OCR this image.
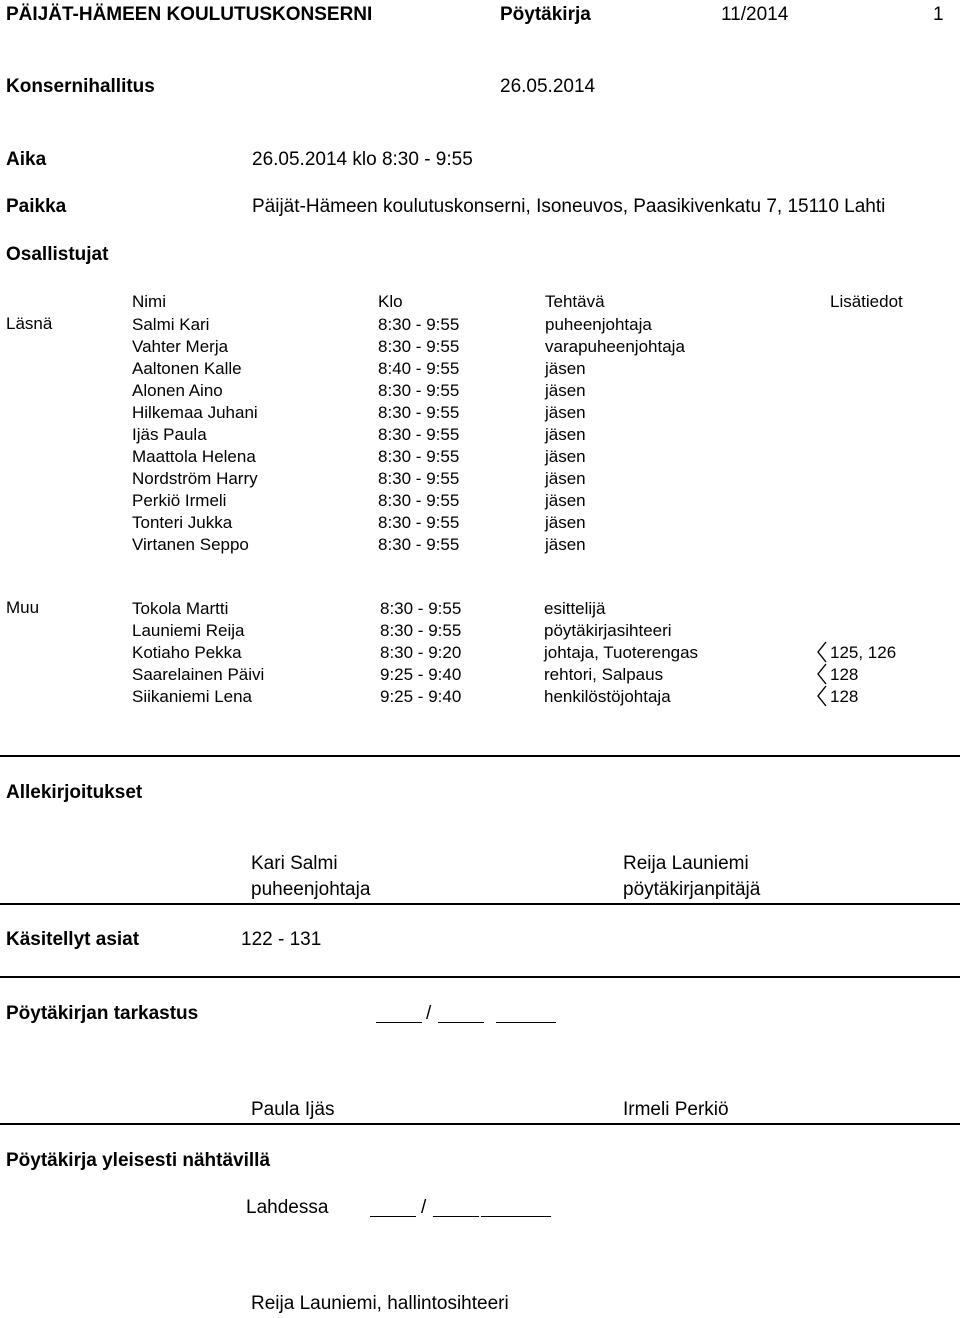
PÄIJÄT-HÄMEEN KOULUTUSKONSERNI	Pöytäkirja	11/2014	1
Konsernihallitus	26.05.2014
Aika	26.05.2014 klo 8:30 - 9:55
Paikka	Päijät-Hämeen koulutuskonserni, Isoneuvos, Paasikivenkatu 7, 15110 Lahti
Osallistujat
Nimi	Klo	Tehtävä	Lisätiedot
Läsnä	Salmi Kari	8:30 - 9:55	puheenjohtaja
Vahter Merja	8:30 - 9:55	varapuheenjohtaja
Aaltonen Kalle	8:40 - 9:55	jäsen
Alonen Aino	8:30 - 9:55	jäsen
Hilkemaa Juhani	8:30 - 9:55	jäsen
Ijäs Paula	8:30 - 9:55	jäsen
Maattola Helena	8:30 - 9:55	jäsen
Nordström Harry	8:30 - 9:55	jäsen
Perkiö Irmeli	8:30 - 9:55	jäsen
Tonteri Jukka	8:30 - 9:55	jäsen
Virtanen Seppo	8:30 - 9:55	jäsen
Muu	Tokola Martti	8:30 - 9:55	esittelijä	
Launiemi Reija	8:30 - 9:55	pöytäkirjasihteeri	
Kotiaho Pekka	8:30 - 9:20	johtaja, Tuoterengas	125, 126
Saarelainen Päivi	9:25 - 9:40	rehtori, Salpaus	128
Siikaniemi Lena	9:25 - 9:40	henkilöstöjohtaja	128
Allekirjoitukset
Kari Salmi
puheenjohtaja
Reija Launiemi
pöytäkirjanpitäjä
Käsitellyt asiat	122 - 131
Pöytäkirjan tarkastus	/
Paula Ijäs	Irmeli Perkiö
Pöytäkirja yleisesti nähtävillä
Lahdessa	/
Reija Launiemi, hallintosihteeri
